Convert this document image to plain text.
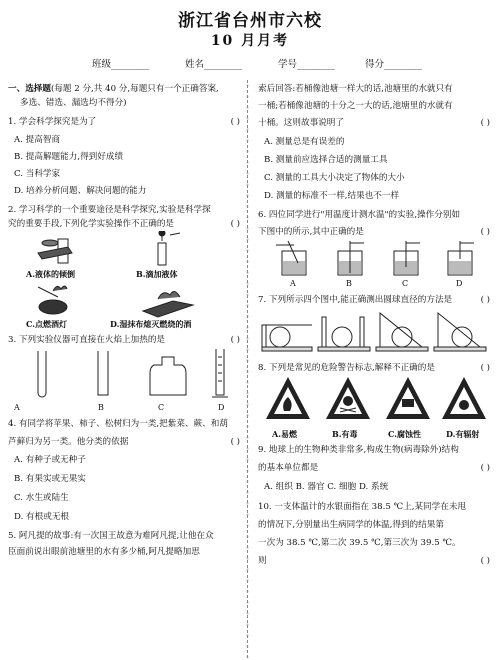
浙江省台州市六校
10 月月考
班级________	姓名________	学号________	得分________

一、选择题(每题 2 分,共 40 分,每题只有一个正确答案,

多选、错选、漏选均不得分)

1. 学会科学探究是为了	( )

A. 提高智商

B. 提高解题能力,得到好成绩

C. 当科学家

D. 培养分析问题、解决问题的能力

2. 学习科学的一个重要途径是科学探究,实验是科学探

究的重要手段,下列化学实验操作不正确的是	( )
A.液体的倾倒	B.滴加液体
C.点燃酒灯	D.湿抹布熄灭燃烧的酒
3. 下列实验仪器可直接在火焰上加热的是	( )
A	B	C	D

4. 有同学将苹果、柿子、松树归为一类,把紫菜、蕨、和葫

芦藓归为另一类。他分类的依据	( )

A. 有种子或无种子

B. 有果实或无果实

C. 水生或陆生

D. 有根或无根

5. 阿凡提的故事:有一次国王故意为难阿凡提,让他在众

臣面前说出眼前池塘里的水有多少桶,阿凡提略加思

索后回答:若桶像池塘一样大的话,池塘里的水就只有

一桶;若桶像池塘的十分之一大的话,池塘里的水就有

十桶。这则故事说明了	( )

A. 测量总是有误差的

B. 测量前应选择合适的测量工具

C. 测量的工具大小决定了物体的大小

D. 测量的标准不一样,结果也不一样

6. 四位同学进行"用温度计测水温"的实验,操作分别如

下图中的所示,其中正确的是	( )
A	B	C	D
7. 下列所示四个图中,能正确测出圆球直径的方法是	( )
8. 下列是常见的危险警告标志,解释不正确的是	( )
A.易燃	B.有毒	C.腐蚀性	D.有辐射

9. 地球上的生物种类非常多,构成生物(病毒除外)结构

的基本单位都是	( )

A. 组织 B. 器官 C. 细胞 D. 系统

10. 一支体温计的水银面指在 38.5 ℃上,某同学在未甩

的情况下,分别量出生病同学的体温,得到的结果第

一次为 38.5 ℃,第二次 39.5 ℃,第三次为 39.5 ℃。

则	( )
